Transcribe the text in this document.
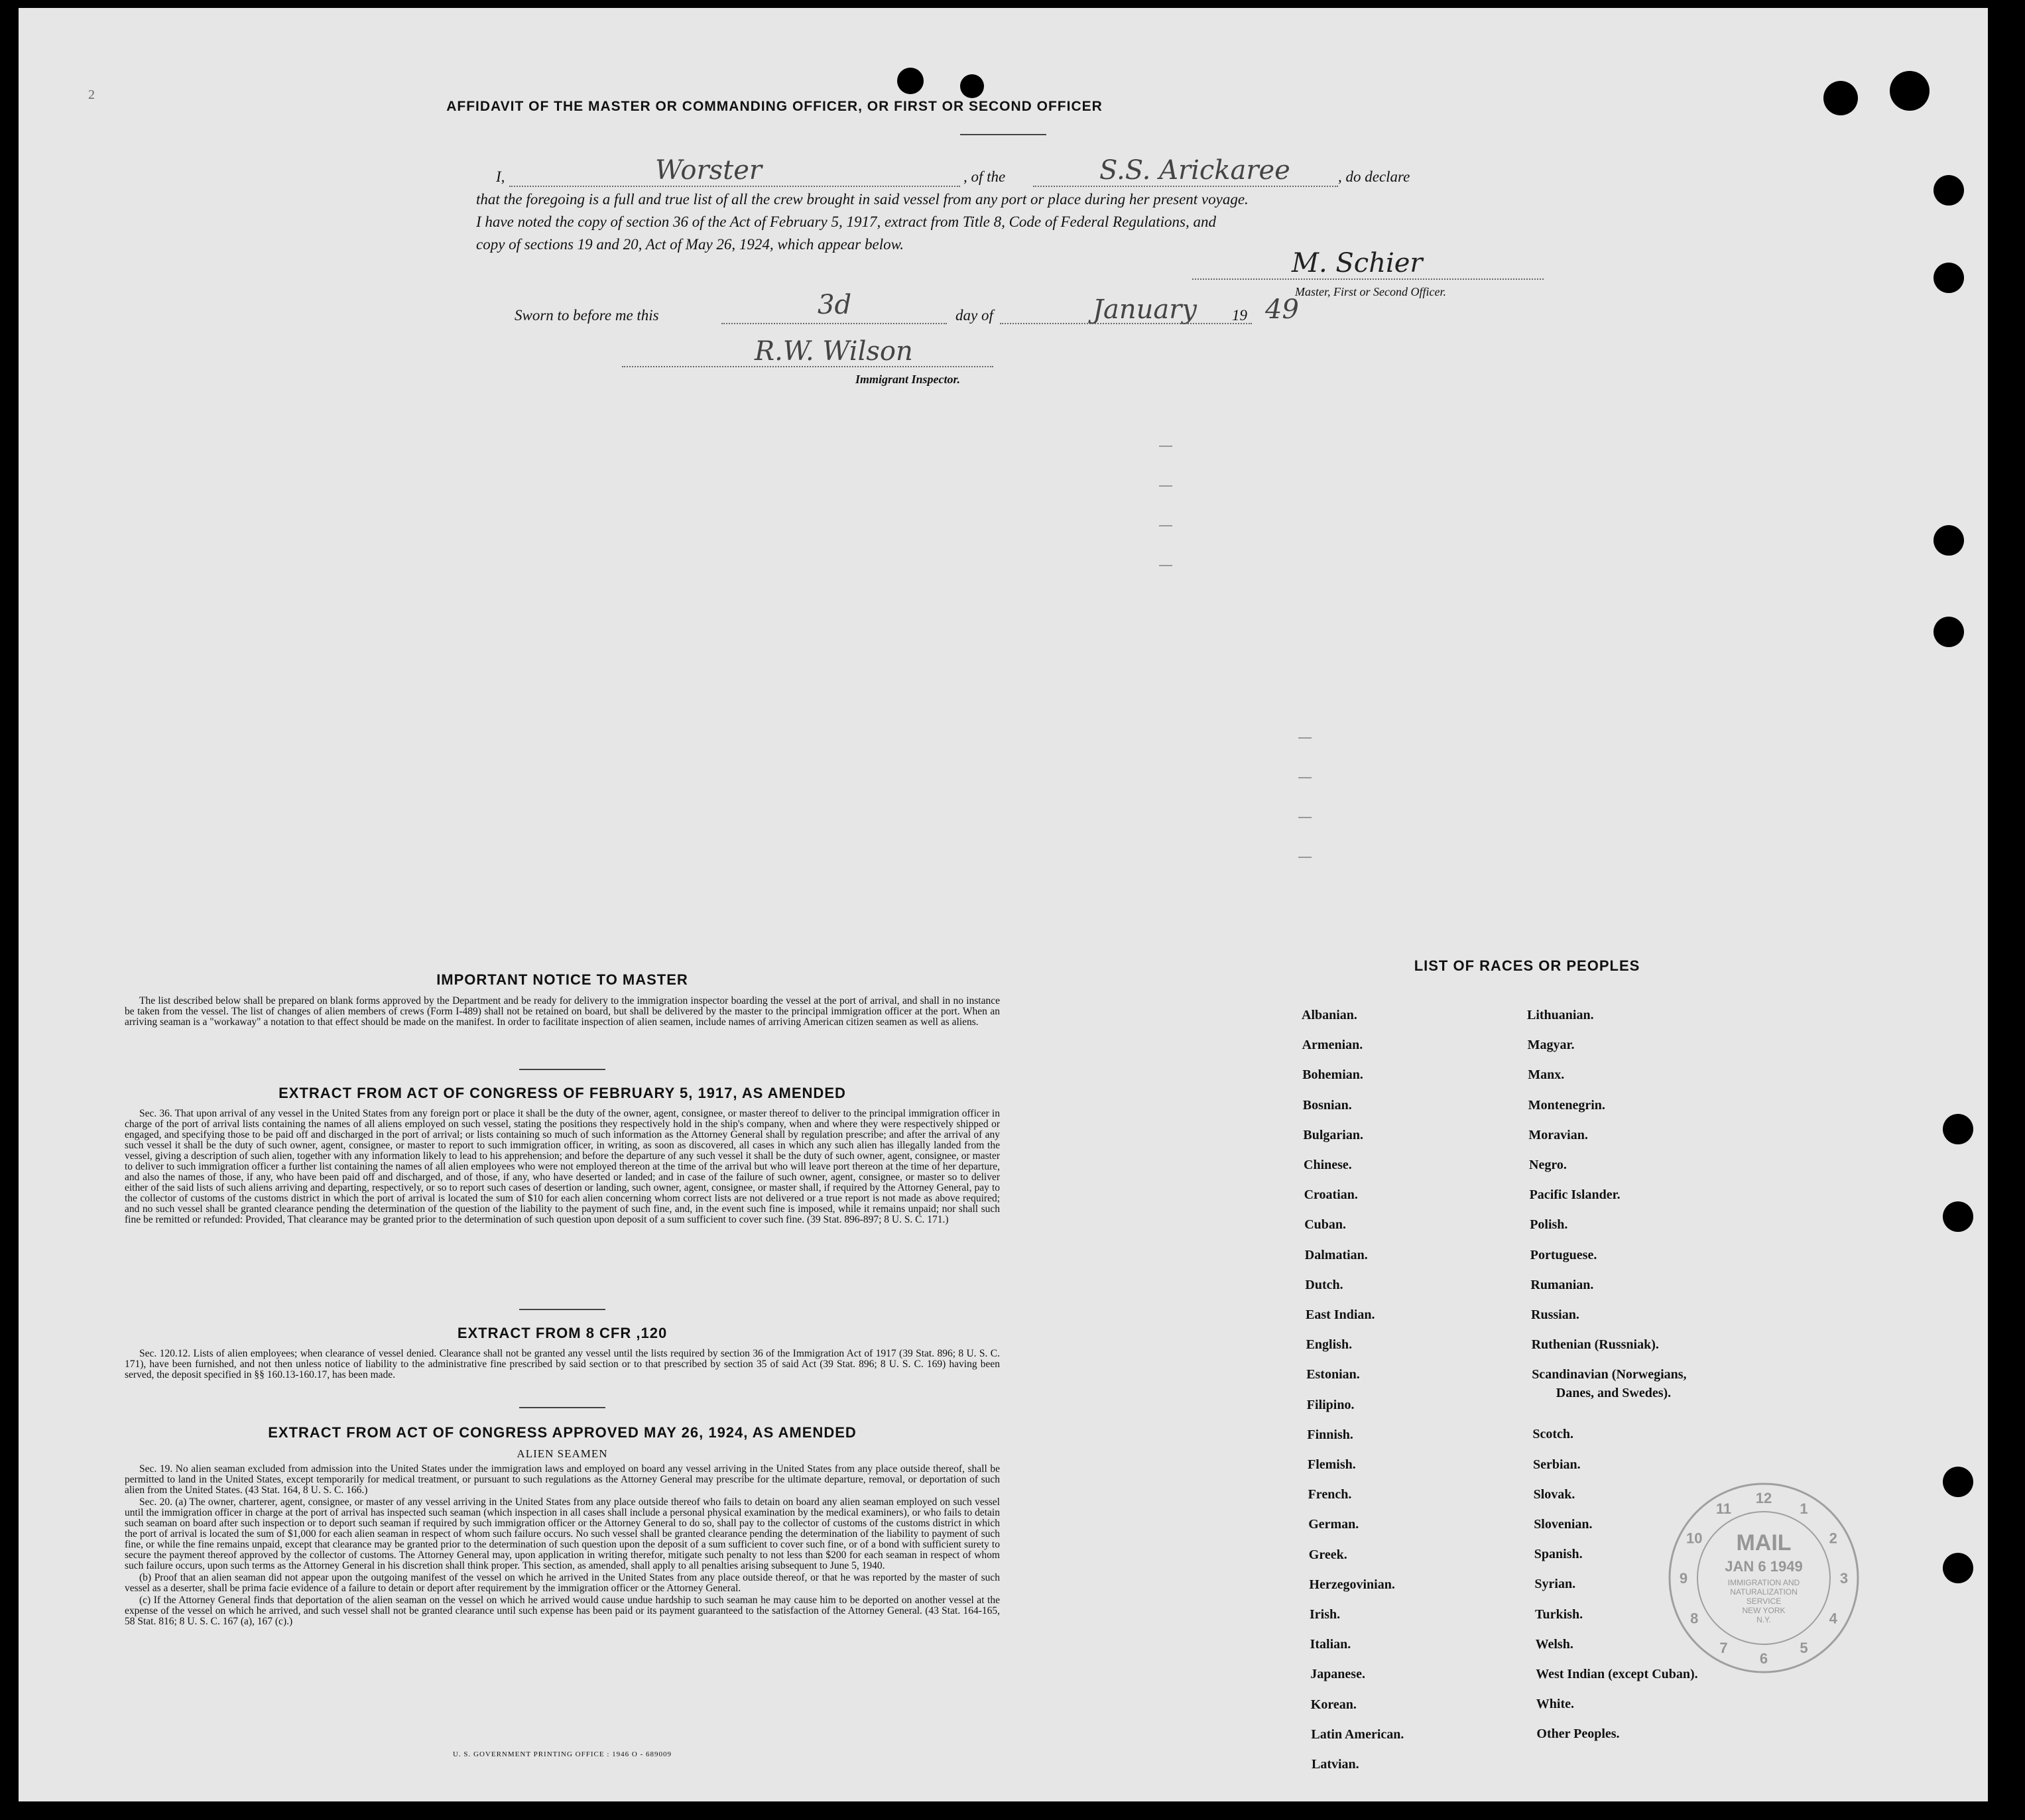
2
AFFIDAVIT OF THE MASTER OR COMMANDING OFFICER, OR FIRST OR SECOND OFFICER
I,	Worster	, of the	S.S. Arickaree	, do declare
that the foregoing is a full and true list of all the crew brought in said vessel from any port or place during her present voyage.
I have noted the copy of section 36 of the Act of February 5, 1917, extract from Title 8, Code of Federal Regulations, and
copy of sections 19 and 20, Act of May 26, 1924, which appear below.
M. Schier
Master, First or Second Officer.
Sworn to before me this	3d	day of	January 19 49
R.W. Wilson
Immigrant Inspector.
IMPORTANT NOTICE TO MASTER

The list described below shall be prepared on blank forms approved by the Department and be ready for delivery to the immigration inspector boarding the vessel at the port of arrival, and shall in no instance be taken from the vessel. The list of changes of alien members of crews (Form I-489) shall not be retained on board, but shall be delivered by the master to the principal immigration officer at the port. When an arriving seaman is a "workaway" a notation to that effect should be made on the manifest. In order to facilitate inspection of alien seamen, include names of arriving American citizen seamen as well as aliens.

EXTRACT FROM ACT OF CONGRESS OF FEBRUARY 5, 1917, AS AMENDED

Sec. 36. That upon arrival of any vessel in the United States from any foreign port or place it shall be the duty of the owner, agent, consignee, or master thereof to deliver to the principal immigration officer in charge of the port of arrival lists containing the names of all aliens employed on such vessel, stating the positions they respectively hold in the ship's company, when and where they were respectively shipped or engaged, and specifying those to be paid off and discharged in the port of arrival; or lists containing so much of such information as the Attorney General shall by regulation prescribe; and after the arrival of any such vessel it shall be the duty of such owner, agent, consignee, or master to report to such immigration officer, in writing, as soon as discovered, all cases in which any such alien has illegally landed from the vessel, giving a description of such alien, together with any information likely to lead to his apprehension; and before the departure of any such vessel it shall be the duty of such owner, agent, consignee, or master to deliver to such immigration officer a further list containing the names of all alien employees who were not employed thereon at the time of the arrival but who will leave port thereon at the time of her departure, and also the names of those, if any, who have been paid off and discharged, and of those, if any, who have deserted or landed; and in case of the failure of such owner, agent, consignee, or master so to deliver either of the said lists of such aliens arriving and departing, respectively, or so to report such cases of desertion or landing, such owner, agent, consignee, or master shall, if required by the Attorney General, pay to the collector of customs of the customs district in which the port of arrival is located the sum of $10 for each alien concerning whom correct lists are not delivered or a true report is not made as above required; and no such vessel shall be granted clearance pending the determination of the question of the liability to the payment of such fine, and, in the event such fine is imposed, while it remains unpaid; nor shall such fine be remitted or refunded: Provided, That clearance may be granted prior to the determination of such question upon deposit of a sum sufficient to cover such fine. (39 Stat. 896-897; 8 U. S. C. 171.)

EXTRACT FROM 8 CFR ,120

Sec. 120.12. Lists of alien employees; when clearance of vessel denied. Clearance shall not be granted any vessel until the lists required by section 36 of the Immigration Act of 1917 (39 Stat. 896; 8 U. S. C. 171), have been furnished, and not then unless notice of liability to the administrative fine prescribed by said section or to that prescribed by section 35 of said Act (39 Stat. 896; 8 U. S. C. 169) having been served, the deposit specified in §§ 160.13-160.17, has been made.

EXTRACT FROM ACT OF CONGRESS APPROVED MAY 26, 1924, AS AMENDED
ALIEN SEAMEN

Sec. 19. No alien seaman excluded from admission into the United States under the immigration laws and employed on board any vessel arriving in the United States from any place outside thereof, shall be permitted to land in the United States, except temporarily for medical treatment, or pursuant to such regulations as the Attorney General may prescribe for the ultimate departure, removal, or deportation of such alien from the United States. (43 Stat. 164, 8 U. S. C. 166.)

Sec. 20. (a) The owner, charterer, agent, consignee, or master of any vessel arriving in the United States from any place outside thereof who fails to detain on board any alien seaman employed on such vessel until the immigration officer in charge at the port of arrival has inspected such seaman (which inspection in all cases shall include a personal physical examination by the medical examiners), or who fails to detain such seaman on board after such inspection or to deport such seaman if required by such immigration officer or the Attorney General to do so, shall pay to the collector of customs of the customs district in which the port of arrival is located the sum of $1,000 for each alien seaman in respect of whom such failure occurs. No such vessel shall be granted clearance pending the determination of the liability to payment of such fine, or while the fine remains unpaid, except that clearance may be granted prior to the determination of such question upon the deposit of a sum sufficient to cover such fine, or of a bond with sufficient surety to secure the payment thereof approved by the collector of customs. The Attorney General may, upon application in writing therefor, mitigate such penalty to not less than $200 for each seaman in respect of whom such failure occurs, upon such terms as the Attorney General in his discretion shall think proper. This section, as amended, shall apply to all penalties arising subsequent to June 5, 1940.

(b) Proof that an alien seaman did not appear upon the outgoing manifest of the vessel on which he arrived in the United States from any place outside thereof, or that he was reported by the master of such vessel as a deserter, shall be prima facie evidence of a failure to detain or deport after requirement by the immigration officer or the Attorney General.

(c) If the Attorney General finds that deportation of the alien seaman on the vessel on which he arrived would cause undue hardship to such seaman he may cause him to be deported on another vessel at the expense of the vessel on which he arrived, and such vessel shall not be granted clearance until such expense has been paid or its payment guaranteed to the satisfaction of the Attorney General. (43 Stat. 164-165, 58 Stat. 816; 8 U. S. C. 167 (a), 167 (c).)

U. S. GOVERNMENT PRINTING OFFICE : 1946 O - 689009
LIST OF RACES OR PEOPLES
12
1
2
3
4
5
6
7
8
9
10
11
MAIL
JAN 6 1949
IMMIGRATION AND
NATURALIZATION
SERVICE
NEW YORK
N.Y.
Albanian.
Armenian.
Bohemian.
Bosnian.
Bulgarian.
Chinese.
Croatian.
Cuban.
Dalmatian.
Dutch.
East Indian.
English.
Estonian.
Filipino.
Finnish.
Flemish.
French.
German.
Greek.
Herzegovinian.
Irish.
Italian.
Japanese.
Korean.
Latin American.
Latvian.
Lithuanian.
Magyar.
Manx.
Montenegrin.
Moravian.
Negro.
Pacific Islander.
Polish.
Portuguese.
Rumanian.
Russian.
Ruthenian (Russniak).
Scandinavian (Norwegians,
Danes, and Swedes).
Scotch.
Serbian.
Slovak.
Slovenian.
Spanish.
Syrian.
Turkish.
Welsh.
West Indian (except Cuban).
White.
Other Peoples.
